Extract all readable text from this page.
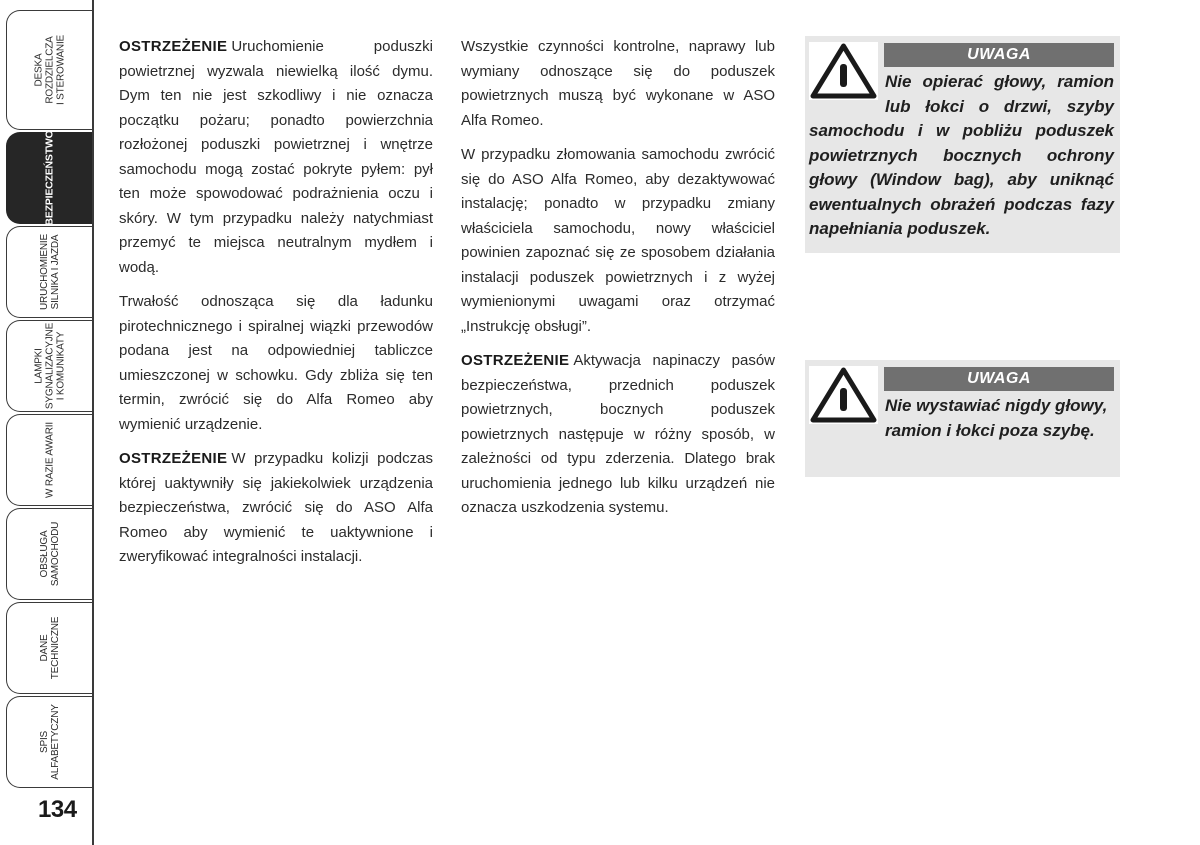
DESKA
ROZDZIELCZA
I STEROWANIE
BEZPIECZEŃSTWO
URUCHOMIENIE
SILNIKA I JAZDA
LAMPKI
SYGNALIZACYJNE
I KOMUNIKATY
W RAZIE AWARII
OBSŁUGA
SAMOCHODU
DANE
TECHNICZNE
SPIS
ALFABETYCZNY
134

OSTRZEŻENIE Uruchomienie poduszki powietrznej wyzwala niewielką ilość dymu. Dym ten nie jest szkodliwy i nie oznacza początku pożaru; ponadto powierzchnia rozłożonej poduszki powietrznej i wnętrze samochodu mogą zostać pokryte pyłem: pył ten może spowodować podrażnienia oczu i skóry. W tym przypadku należy natychmiast przemyć te miejsca neutralnym mydłem i wodą.

Trwałość odnosząca się dla ładunku pirotechnicznego i spiralnej wiązki przewodów podana jest na odpowiedniej tabliczce umieszczonej w schowku. Gdy zbliża się ten termin, zwrócić się do Alfa Romeo aby wymienić urządzenie.

OSTRZEŻENIE W przypadku kolizji podczas której uaktywniły się jakiekolwiek urządzenia bezpieczeństwa, zwrócić się do ASO Alfa Romeo aby wymienić te uaktywnione i zweryfikować integralności instalacji.

Wszystkie czynności kontrolne, naprawy lub wymiany odnoszące się do poduszek powietrznych muszą być wykonane w ASO Alfa Romeo.

W przypadku złomowania samochodu zwrócić się do ASO Alfa Romeo, aby dezaktywować instalację; ponadto w przypadku zmiany właściciela samochodu, nowy właściciel powinien zapoznać się ze sposobem działania instalacji poduszek powietrznych i z wyżej wymienionymi uwagami oraz otrzymać „Instrukcję obsługi”.

OSTRZEŻENIE Aktywacja napinaczy pasów bezpieczeństwa, przednich poduszek powietrznych, bocznych poduszek powietrznych następuje w różny sposób, w zależności od typu zderzenia. Dlatego brak uruchomienia jednego lub kilku urządzeń nie oznacza uszkodzenia systemu.

UWAGA
Nie opierać głowy, ramion lub łokci o drzwi, szyby samochodu i w pobliżu poduszek powietrznych bocznych ochrony głowy (Window bag), aby uniknąć ewentualnych obrażeń podczas fazy napełniania poduszek.
UWAGA
Nie wystawiać nigdy głowy, ramion i łokci poza szybę.
